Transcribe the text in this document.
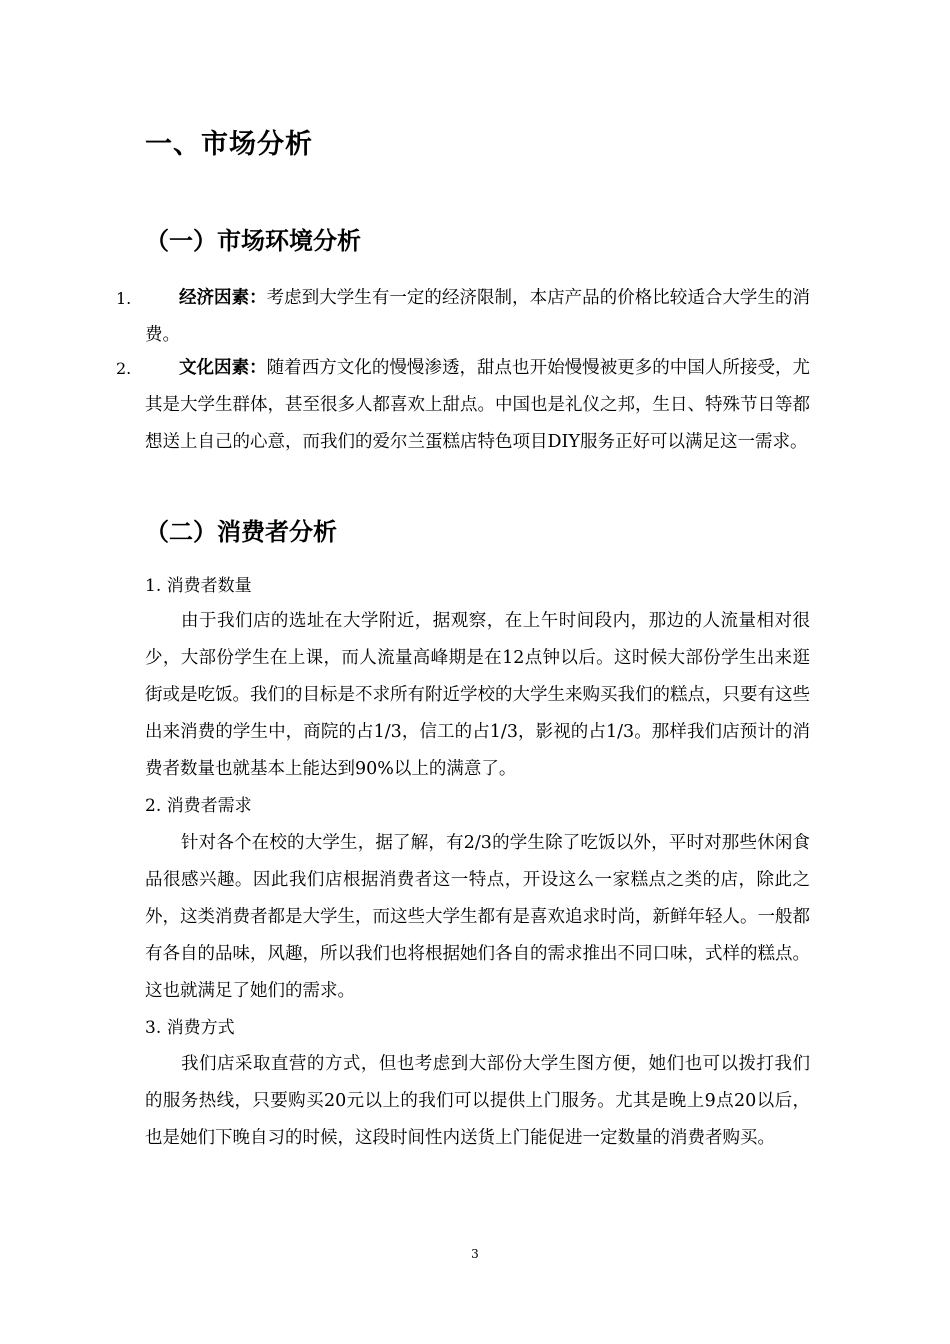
一、市场分析
（一）市场环境分析
1.	经济因素：考虑到大学生有一定的经济限制，本店产品的价格比较适合大学生的消费。
2.	文化因素：随着西方文化的慢慢渗透，甜点也开始慢慢被更多的中国人所接受，尤其是大学生群体，甚至很多人都喜欢上甜点。中国也是礼仪之邦，生日、特殊节日等都想送上自己的心意，而我们的爱尔兰蛋糕店特色项目DIY服务正好可以满足这一需求。
（二）消费者分析
1. 消费者数量
由于我们店的选址在大学附近，据观察，在上午时间段内，那边的人流量相对很少，大部份学生在上课，而人流量高峰期是在12点钟以后。这时候大部份学生出来逛街或是吃饭。我们的目标是不求所有附近学校的大学生来购买我们的糕点，只要有这些出来消费的学生中，商院的占1/3，信工的占1/3，影视的占1/3。那样我们店预计的消费者数量也就基本上能达到90%以上的满意了。
2. 消费者需求
针对各个在校的大学生，据了解，有2/3的学生除了吃饭以外，平时对那些休闲食品很感兴趣。因此我们店根据消费者这一特点，开设这么一家糕点之类的店，除此之外，这类消费者都是大学生，而这些大学生都有是喜欢追求时尚，新鲜年轻人。一般都有各自的品味，风趣，所以我们也将根据她们各自的需求推出不同口味，式样的糕点。这也就满足了她们的需求。
3. 消费方式
我们店采取直营的方式，但也考虑到大部份大学生图方便，她们也可以拨打我们的服务热线，只要购买20元以上的我们可以提供上门服务。尤其是晚上9点20以后，也是她们下晚自习的时候，这段时间性内送货上门能促进一定数量的消费者购买。
3
